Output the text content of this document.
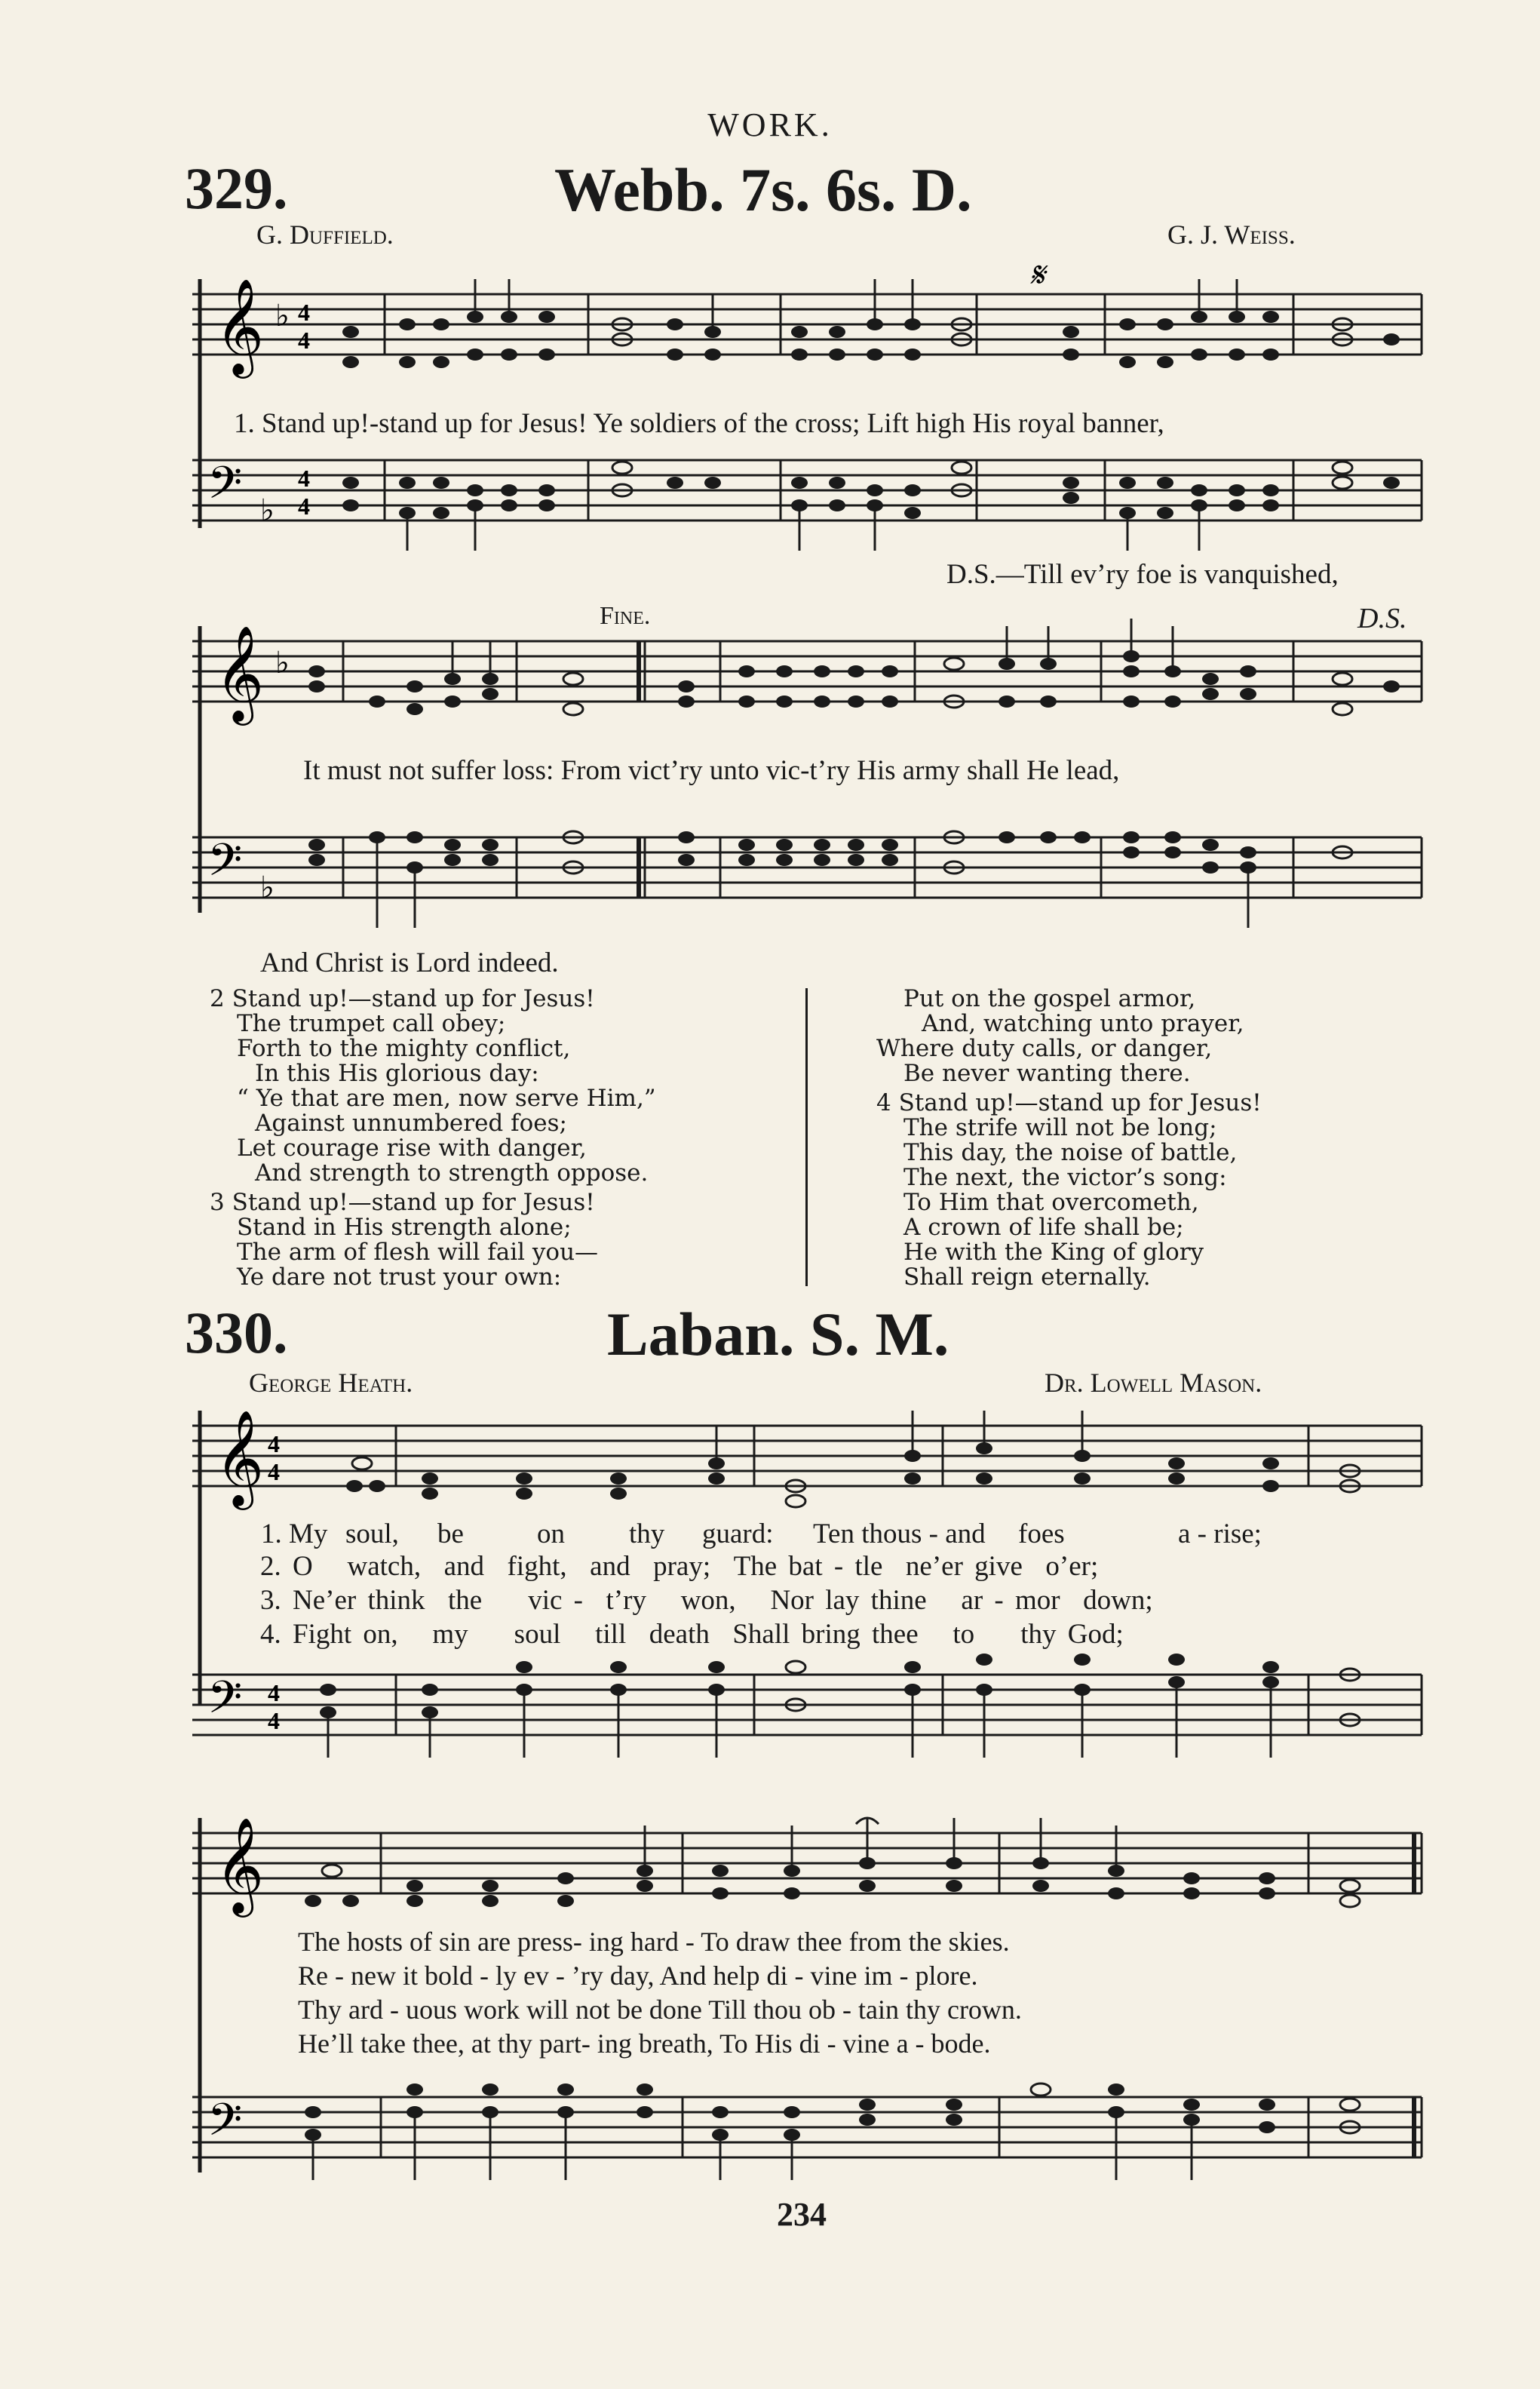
WORK.
329.	Webb. 7s. 6s. D.
G. Duffield.	G. J. Weiss.
𝄞 ♭ 4
4
𝄋
1. Stand up!-stand up for Jesus! Ye soldiers of the cross; Lift high His royal banner,
𝄢 ♭
4
4
D.S.—Till ev’ry foe is vanquished,
Fine.	D.S.
𝄞 ♭
It must not suffer loss: From vict’ry unto vic-t’ry His army shall He lead,
𝄢 ♭
And Christ is Lord indeed.
2 Stand up!—stand up for Jesus!
The trumpet call obey;
Forth to the mighty conflict,
In this His glorious day:
“ Ye that are men, now serve Him,”
Against unnumbered foes;
Let courage rise with danger,
And strength to strength oppose.
3 Stand up!—stand up for Jesus!
Stand in His strength alone;
The arm of flesh will fail you—
Ye dare not trust your own:
Put on the gospel armor,
And, watching unto prayer,
Where duty calls, or danger,
Be never wanting there.
4 Stand up!—stand up for Jesus!
The strife will not be long;
This day, the noise of battle,
The next, the victor’s song:
To Him that overcometh,
A crown of life shall be;
He with the King of glory
Shall reign eternally.
330.	Laban. S. M.
George Heath.	Dr. Lowell Mason.
𝄞 4
4
1. My	soul,	be	on	thy	guard:	Ten thous - and	foes	a - rise;
2. O watch, and fight, and pray; The bat - tle ne’er give o’er;
3. Ne’er think the vic - t’ry won, Nor lay thine ar - mor down;
4. Fight on, my soul till death Shall bring thee to thy God;
𝄢 4
4
𝄞
The hosts of sin are press- ing hard - To draw thee from the skies.
Re - new it bold - ly ev - ’ry day, And help di - vine im - plore.
Thy ard - uous work will not be done Till thou ob - tain thy crown.
He’ll take thee, at thy part- ing breath, To His di - vine a - bode.
𝄢
234
